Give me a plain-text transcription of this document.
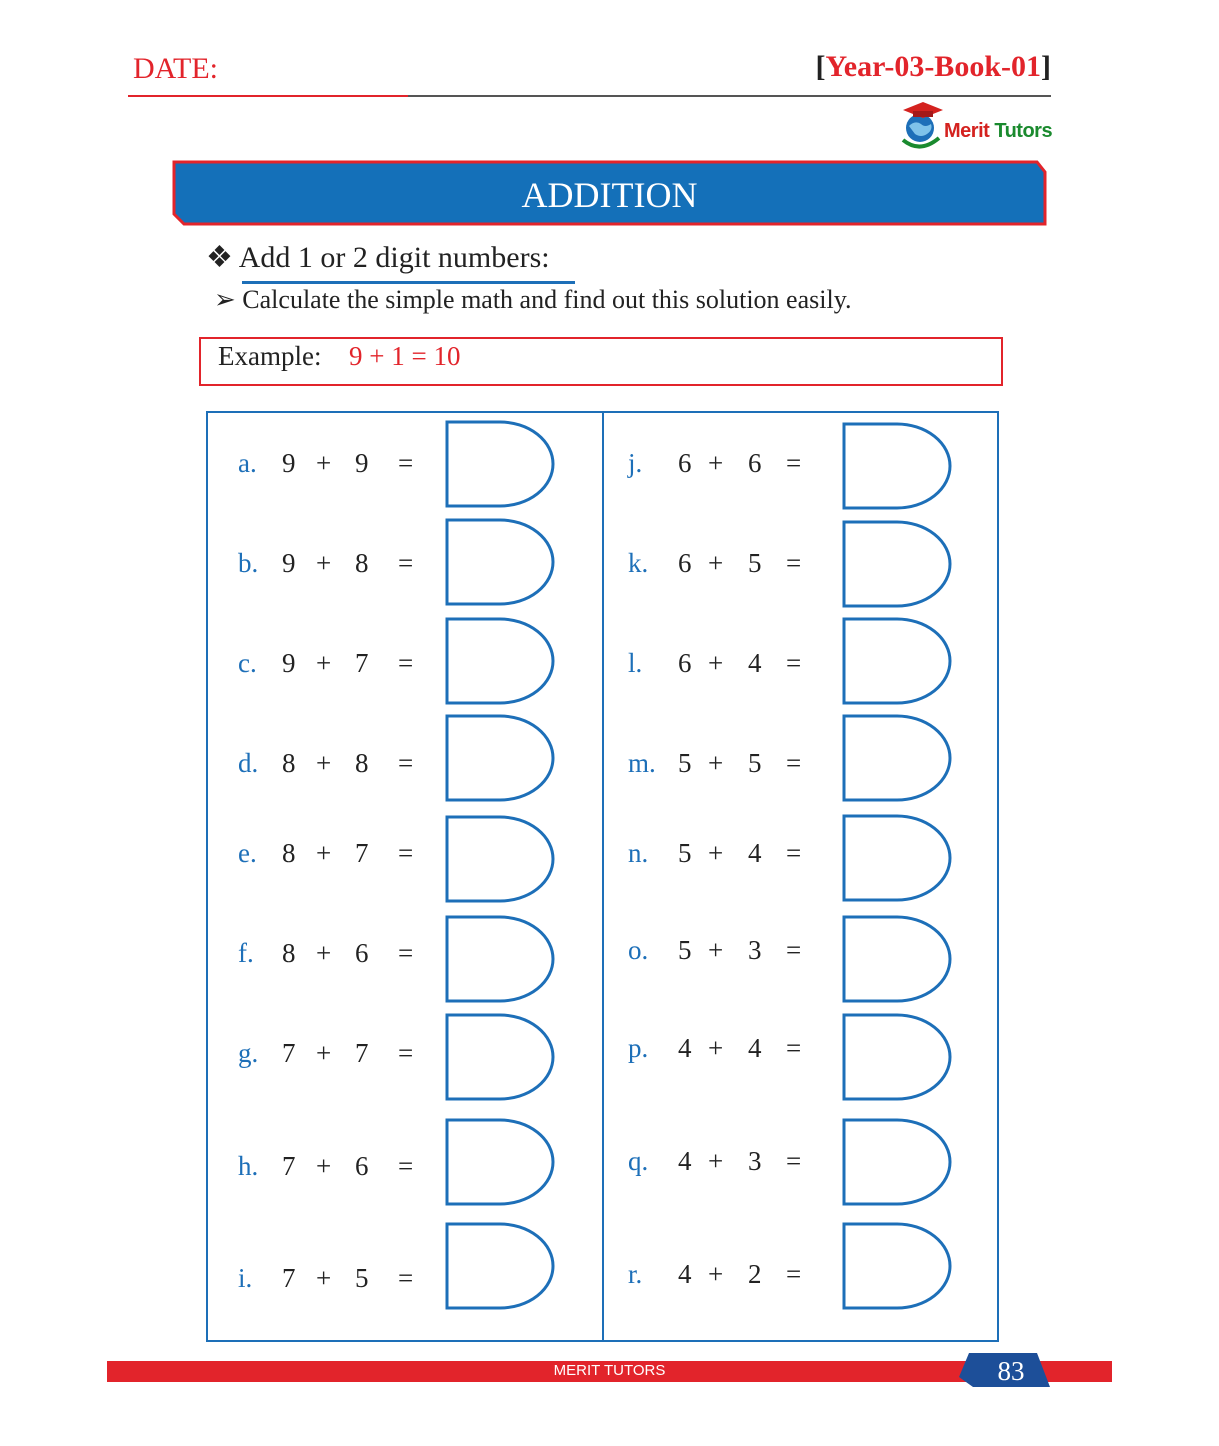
DATE:	[Year-03-Book-01]
Merit Tutors
ADDITION
❖ Add 1 or 2 digit numbers:
➢ Calculate the simple math and find out this solution easily.
Example: 9 + 1 = 10
a. 9 + 9 =
b. 9 + 8 =
c. 9 + 7 =
d. 8 + 8 =
e. 8 + 7 =
f. 8 + 6 =
g. 7 + 7 =
h. 7 + 6 =
i. 7 + 5 =
j. 6 + 6 =
k. 6 + 5 =
l. 6 + 4 =
m. 5 + 5 =
n. 5 + 4 =
o. 5 + 3 =
p. 4 + 4 =
q. 4 + 3 =
r. 4 + 2 =
MERIT TUTORS	83
